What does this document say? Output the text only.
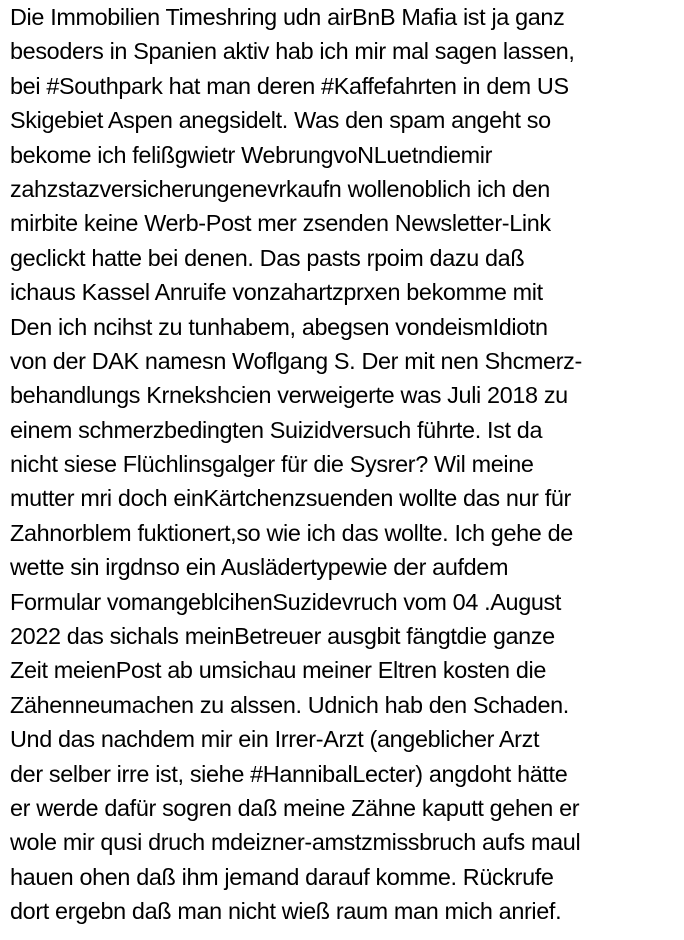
Die Immobilien Timeshring udn airBnB Mafia ist ja ganz
besoders in Spanien aktiv hab ich mir mal sagen lassen,
bei #Southpark hat man deren #Kaffefahrten in dem US
Skigebiet Aspen anegsidelt. Was den spam angeht so
bekome ich felißgwietr WebrungvoNLuetndiemir
zahzstazversicherungenevrkaufn wollenoblich ich den
mirbite keine Werb-Post mer zsenden Newsletter-Link
geclickt hatte bei denen. Das pasts rpoim dazu daß
ichaus Kassel Anruife vonzahartzprxen bekomme mit
Den ich ncihst zu tunhabem, abegsen vondeismIdiotn
von der DAK namesn Woflgang S. Der mit nen Shcmerz-
behandlungs Krnekshcien verweigerte was Juli 2018 zu
einem schmerzbedingten Suizidversuch führte. Ist da
nicht siese Flüchlinsgalger für die Sysrer? Wil meine
mutter mri doch einKärtchenzsuenden wollte das nur für
Zahnorblem fuktionert,so wie ich das wollte. Ich gehe de
wette sin irgdnso ein Auslädertypewie der aufdem
Formular vomangeblcihenSuzidevruch vom 04 .August
2022 das sichals meinBetreuer ausgbit fängtdie ganze
Zeit meienPost ab umsichau meiner Eltren kosten die
Zähenneumachen zu alssen. Udnich hab den Schaden.
Und das nachdem mir ein Irrer-Arzt (angeblicher Arzt
der selber irre ist, siehe #HannibalLecter) angdoht hätte
er werde dafür sogren daß meine Zähne kaputt gehen er
wole mir qusi druch mdeizner-amstzmissbruch aufs maul
hauen ohen daß ihm jemand darauf komme. Rückrufe
dort ergebn daß man nicht wieß raum man mich anrief.
